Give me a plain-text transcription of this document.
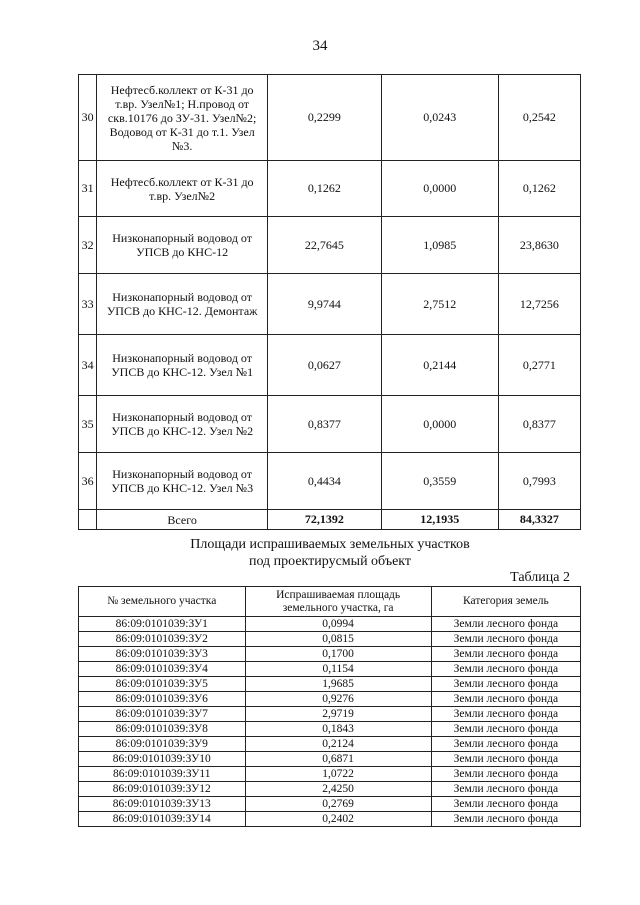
34
30	Нефтесб.коллект от К-31 до т.вр. Узел№1; Н.провод от скв.10176 до ЗУ-31. Узел№2; Водовод от К-31 до т.1. Узел №3.	0,2299	0,0243	0,2542
31	Нефтесб.коллект от К-31 до т.вр. Узел№2	0,1262	0,0000	0,1262
32	Низконапорный водовод от УПСВ до КНС-12	22,7645	1,0985	23,8630
33	Низконапорный водовод от УПСВ до КНС-12. Демонтаж	9,9744	2,7512	12,7256
34	Низконапорный водовод от УПСВ до КНС-12. Узел №1	0,0627	0,2144	0,2771
35	Низконапорный водовод от УПСВ до КНС-12. Узел №2	0,8377	0,0000	0,8377
36	Низконапорный водовод от УПСВ до КНС-12. Узел №3	0,4434	0,3559	0,7993
	Всего	72,1392	12,1935	84,3327
Площади испрашиваемых земельных участков
под проектирусмый объект
Таблица 2
№ земельного участка	Испрашиваемая площадь земельного участка, га	Категория земель
86:09:0101039:ЗУ1	0,0994	Земли лесного фонда
86:09:0101039:ЗУ2	0,0815	Земли лесного фонда
86:09:0101039:ЗУ3	0,1700	Земли лесного фонда
86:09:0101039:ЗУ4	0,1154	Земли лесного фонда
86:09:0101039:ЗУ5	1,9685	Земли лесного фонда
86:09:0101039:ЗУ6	0,9276	Земли лесного фонда
86:09:0101039:ЗУ7	2,9719	Земли лесного фонда
86:09:0101039:ЗУ8	0,1843	Земли лесного фонда
86:09:0101039:ЗУ9	0,2124	Земли лесного фонда
86:09:0101039:ЗУ10	0,6871	Земли лесного фонда
86:09:0101039:ЗУ11	1,0722	Земли лесного фонда
86:09:0101039:ЗУ12	2,4250	Земли лесного фонда
86:09:0101039:ЗУ13	0,2769	Земли лесного фонда
86:09:0101039:ЗУ14	0,2402	Земли лесного фонда
